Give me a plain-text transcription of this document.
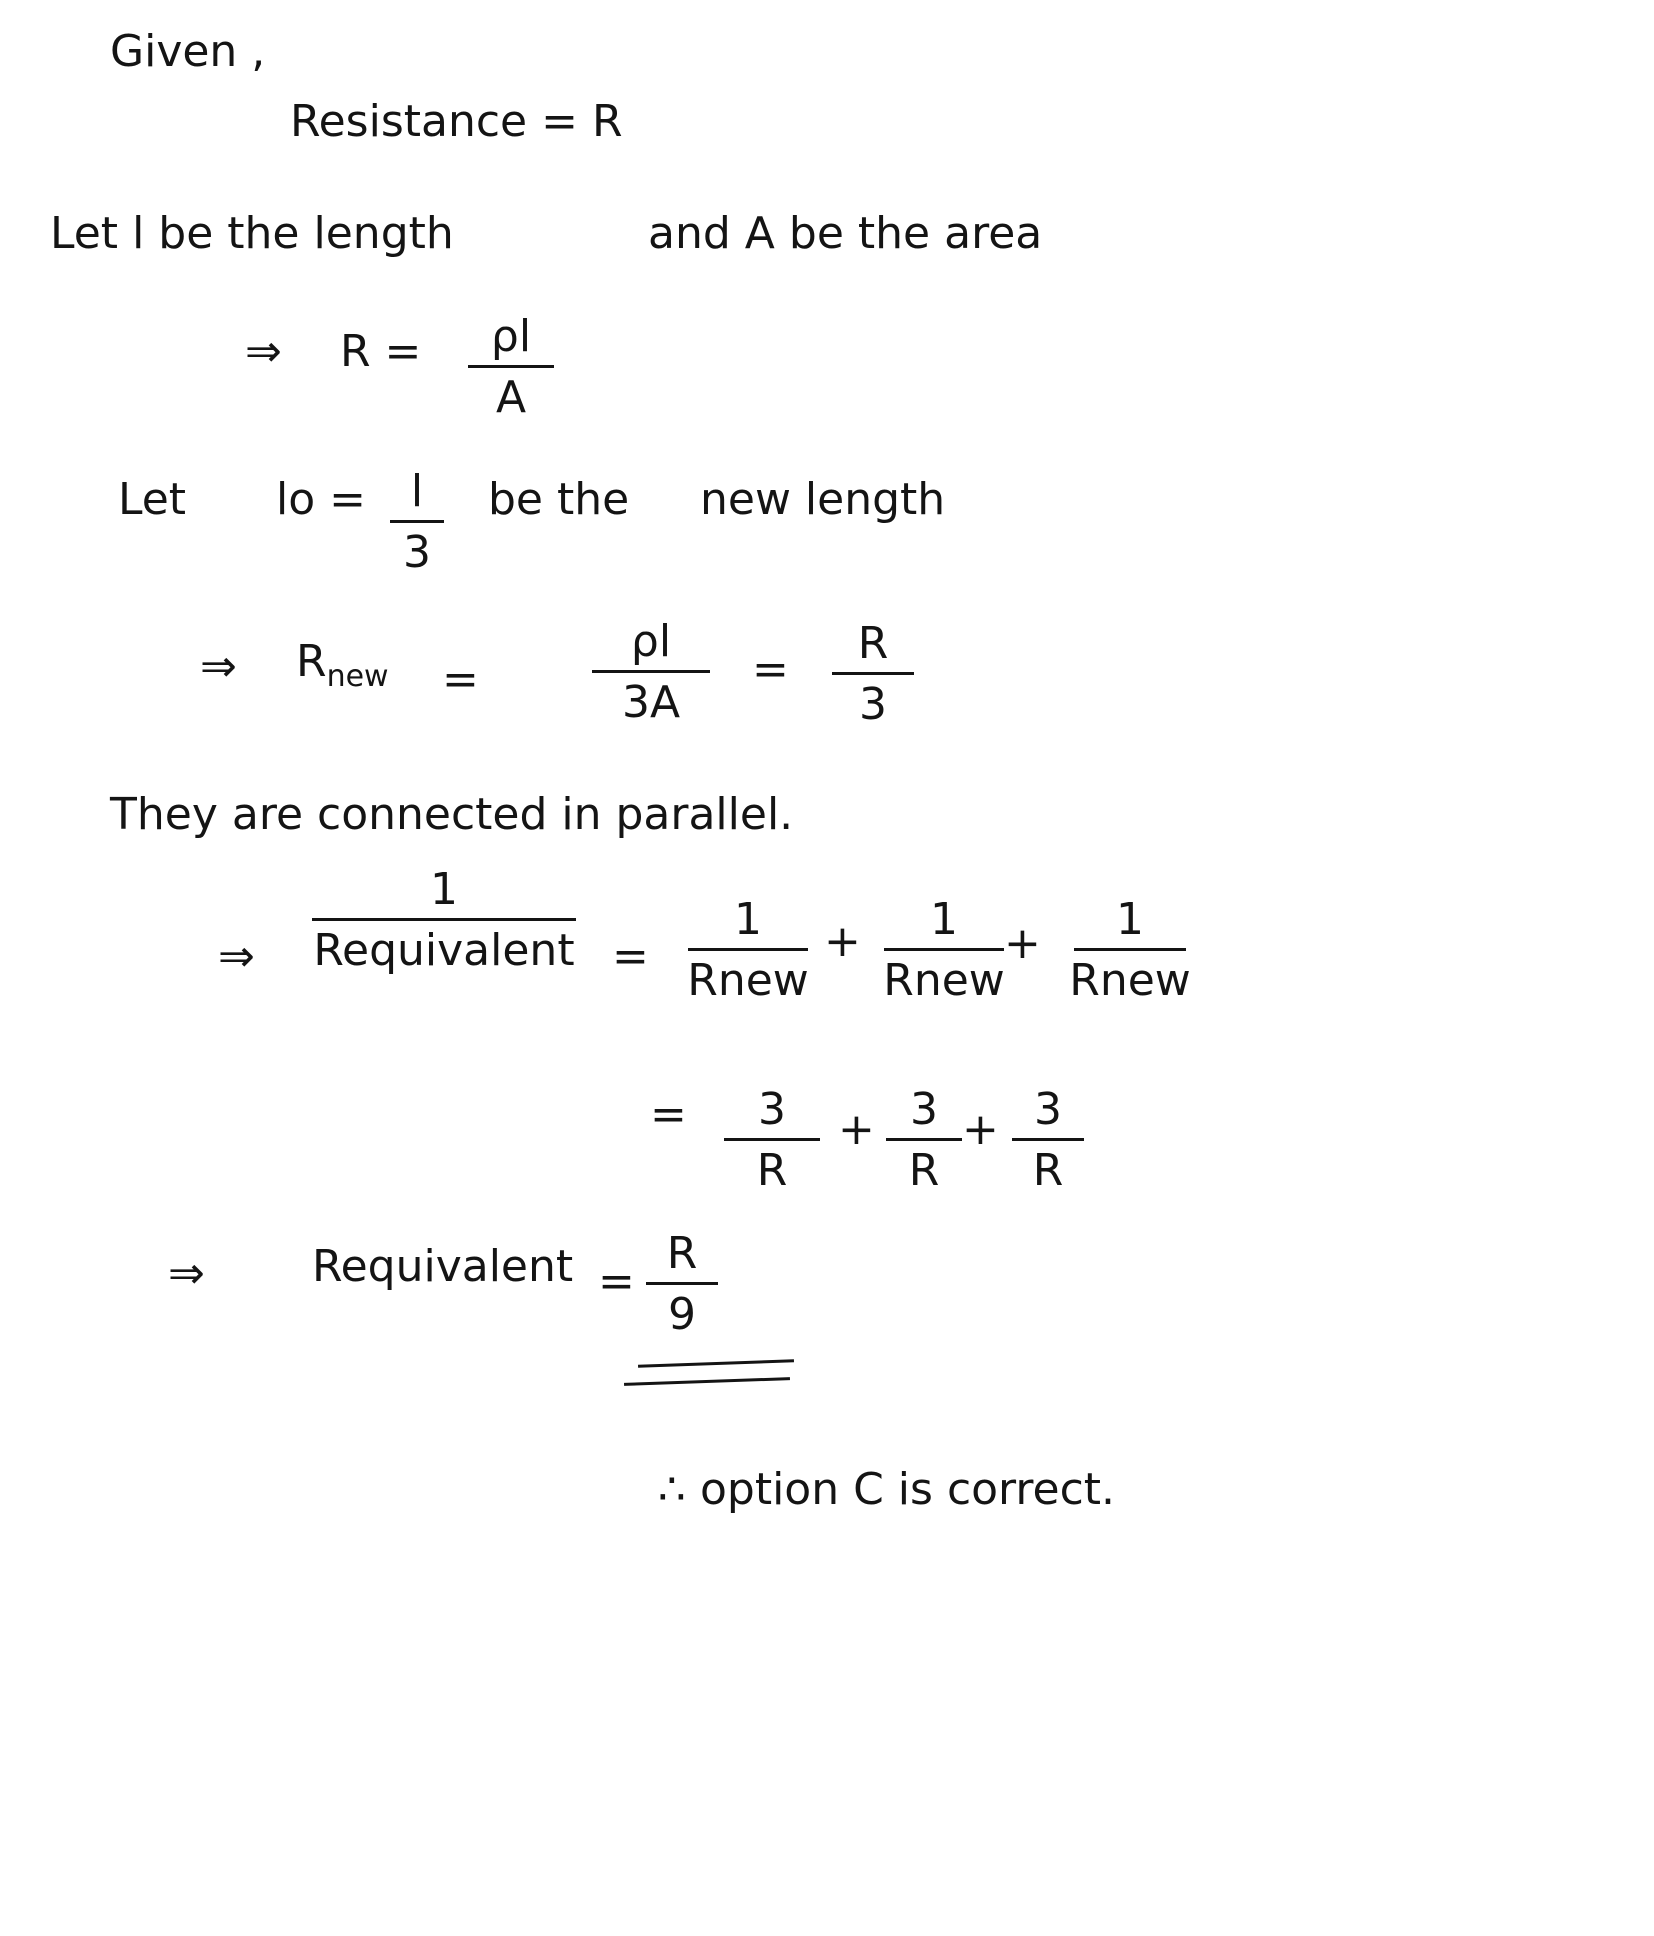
Given ,
Resistance = R
Let l be the length	and A be the area
⇒ R = ρl
A
Let lo = l
3
be the new length
⇒ $R_{new}$ =
ρl
3A
=
R
3
They are connected in parallel.
⇒
1
Requivalent =
1
Rnew
+ 1
Rnew
+ 1
Rnew
= 3
R
+ 3
R
+ 3
R
⇒ Requivalent =
R
9
∴ option C is correct.
